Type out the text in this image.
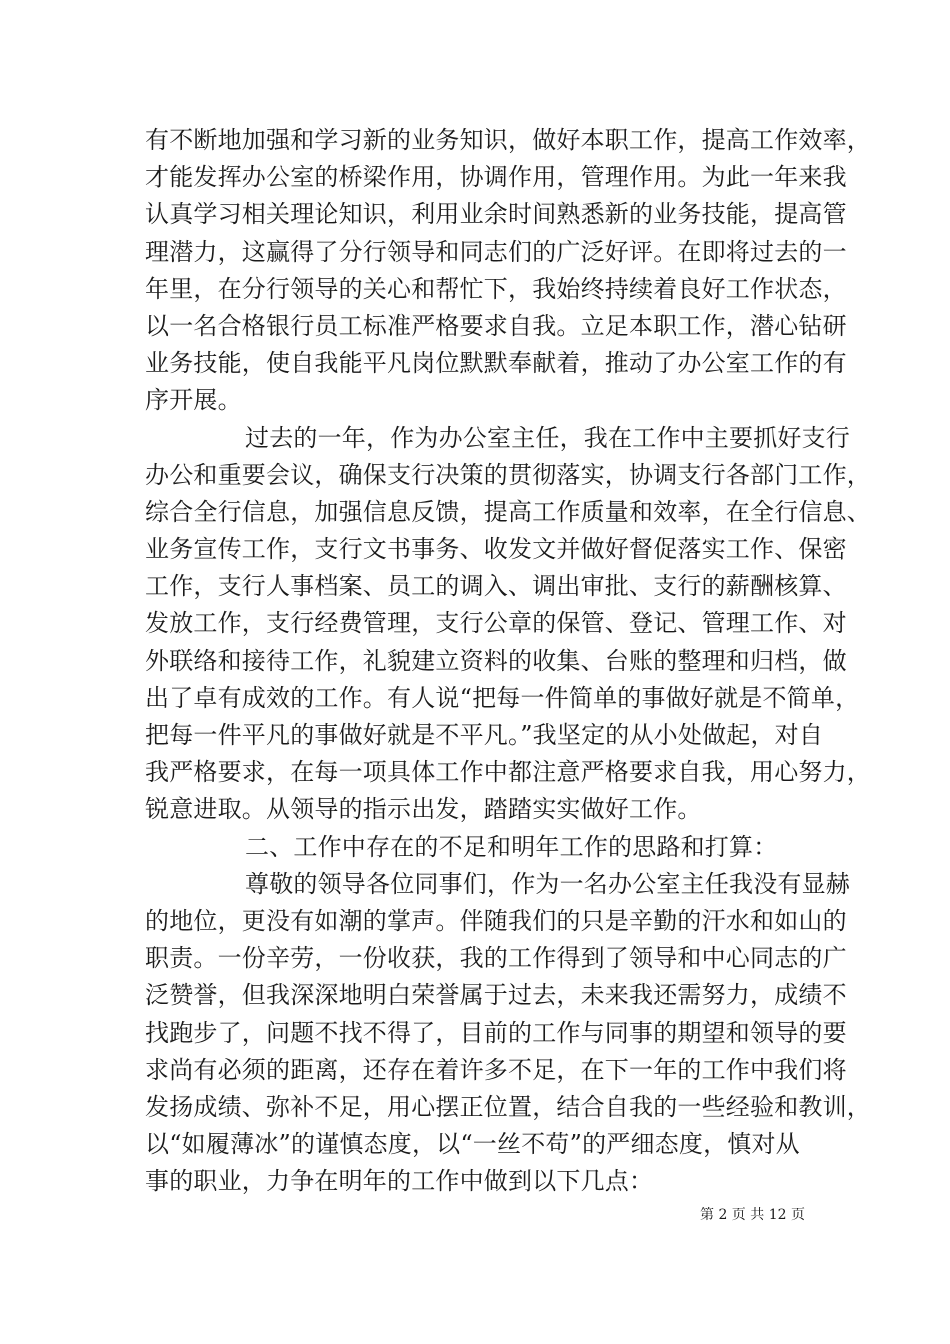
有不断地加强和学习新的业务知识，做好本职工作，提高工作效率，
才能发挥办公室的桥梁作用，协调作用，管理作用。为此一年来我
认真学习相关理论知识，利用业余时间熟悉新的业务技能，提高管
理潜力，这赢得了分行领导和同志们的广泛好评。在即将过去的一
年里，在分行领导的关心和帮忙下，我始终持续着良好工作状态，
以一名合格银行员工标准严格要求自我。立足本职工作，潜心钻研
业务技能，使自我能平凡岗位默默奉献着，推动了办公室工作的有
序开展。
过去的一年，作为办公室主任，我在工作中主要抓好支行
办公和重要会议，确保支行决策的贯彻落实，协调支行各部门工作，
综合全行信息，加强信息反馈，提高工作质量和效率，在全行信息、
业务宣传工作，支行文书事务、收发文并做好督促落实工作、保密
工作，支行人事档案、员工的调入、调出审批、支行的薪酬核算、
发放工作，支行经费管理，支行公章的保管、登记、管理工作、对
外联络和接待工作，礼貌建立资料的收集、台账的整理和归档，做
出了卓有成效的工作。有人说“把每一件简单的事做好就是不简单，
把每一件平凡的事做好就是不平凡。”我坚定的从小处做起，对自
我严格要求，在每一项具体工作中都注意严格要求自我，用心努力，
锐意进取。从领导的指示出发，踏踏实实做好工作。
二、工作中存在的不足和明年工作的思路和打算：
尊敬的领导各位同事们，作为一名办公室主任我没有显赫
的地位，更没有如潮的掌声。伴随我们的只是辛勤的汗水和如山的
职责。一份辛劳，一份收获，我的工作得到了领导和中心同志的广
泛赞誉，但我深深地明白荣誉属于过去，未来我还需努力，成绩不
找跑步了，问题不找不得了，目前的工作与同事的期望和领导的要
求尚有必须的距离，还存在着许多不足，在下一年的工作中我们将
发扬成绩、弥补不足，用心摆正位置，结合自我的一些经验和教训，
以“如履薄冰”的谨慎态度，以“一丝不苟”的严细态度，慎对从
事的职业，力争在明年的工作中做到以下几点：
第 2 页 共 12 页
